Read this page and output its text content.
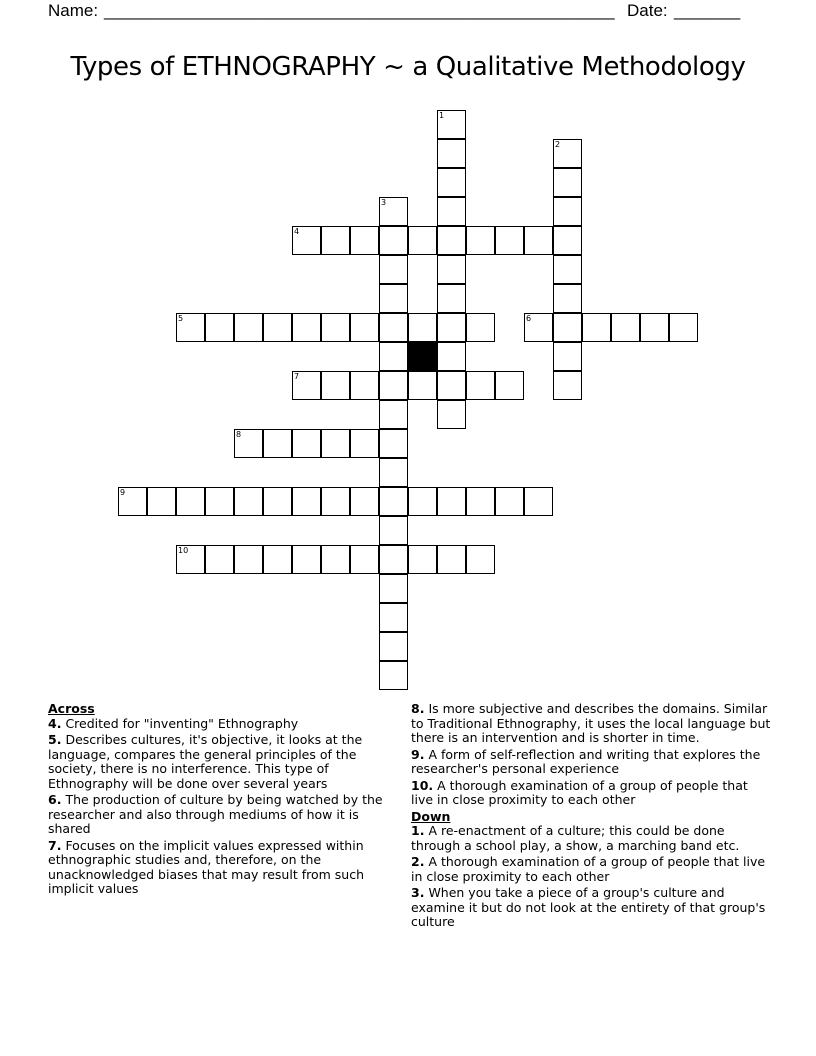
Name: ______________________________________________________ Date: _______
Types of ETHNOGRAPHY ~ a Qualitative Methodology
1
2
3
4
5	6
7
8
9
10
Across
4. Credited for "inventing" Ethnography
5. Describes cultures, it's objective, it looks at the language, compares the general principles of the society, there is no interference. This type of Ethnography will be done over several years
6. The production of culture by being watched by the researcher and also through mediums of how it is shared
7. Focuses on the implicit values expressed within ethnographic studies and, therefore, on the unacknowledged biases that may result from such implicit values
8. Is more subjective and describes the domains. Similar to Traditional Ethnography, it uses the local language but there is an intervention and is shorter in time.
9. A form of self-reflection and writing that explores the researcher's personal experience
10. A thorough examination of a group of people that live in close proximity to each other
Down
1. A re-enactment of a culture; this could be done through a school play, a show, a marching band etc.
2. A thorough examination of a group of people that live in close proximity to each other
3. When you take a piece of a group's culture and examine it but do not look at the entirety of that group's culture
